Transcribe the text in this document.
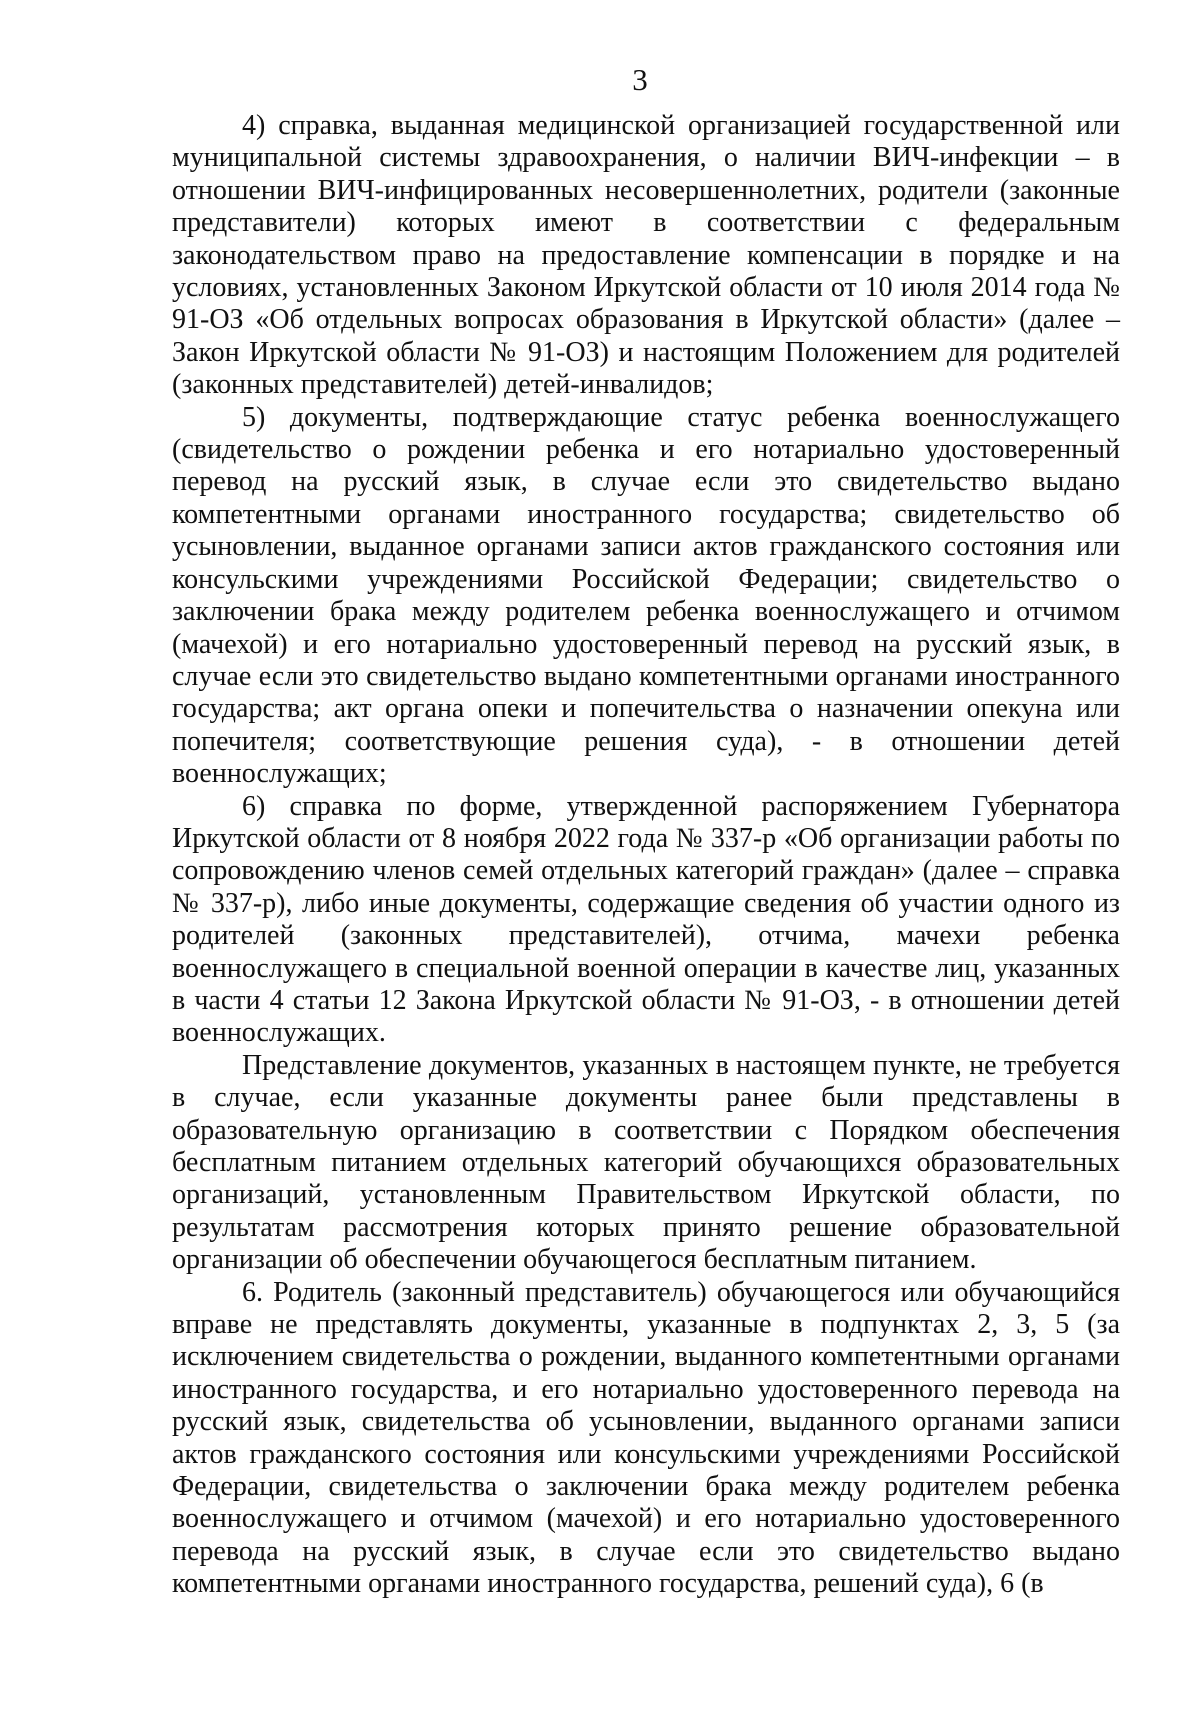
3

4) справка, выданная медицинской организацией государственной или муниципальной системы здравоохранения, о наличии ВИЧ-инфекции – в отношении ВИЧ-инфицированных несовершеннолетних, родители (законные представители) которых имеют в соответствии с федеральным законодательством право на предоставление компенсации в порядке и на условиях, установленных Законом Иркутской области от 10 июля 2014 года № 91-ОЗ «Об отдельных вопросах образования в Иркутской области» (далее – Закон Иркутской области № 91-ОЗ) и настоящим Положением для родителей (законных представителей) детей-инвалидов;

5) документы, подтверждающие статус ребенка военнослужащего (свидетельство о рождении ребенка и его нотариально удостоверенный перевод на русский язык, в случае если это свидетельство выдано компетентными органами иностранного государства; свидетельство об усыновлении, выданное органами записи актов гражданского состояния или консульскими учреждениями Российской Федерации; свидетельство о заключении брака между родителем ребенка военнослужащего и отчимом (мачехой) и его нотариально удостоверенный перевод на русский язык, в случае если это свидетельство выдано компетентными органами иностранного государства; акт органа опеки и попечительства о назначении опекуна или попечителя; соответствующие решения суда), - в отношении детей военнослужащих;

6) справка по форме, утвержденной распоряжением Губернатора Иркутской области от 8 ноября 2022 года № 337-р «Об организации работы по сопровождению членов семей отдельных категорий граждан» (далее – справка № 337-р), либо иные документы, содержащие сведения об участии одного из родителей (законных представителей), отчима, мачехи ребенка военнослужащего в специальной военной операции в качестве лиц, указанных в части 4 статьи 12 Закона Иркутской области № 91-ОЗ, - в отношении детей военнослужащих.

Представление документов, указанных в настоящем пункте, не требуется в случае, если указанные документы ранее были представлены в образовательную организацию в соответствии с Порядком обеспечения бесплатным питанием отдельных категорий обучающихся образовательных организаций, установленным Правительством Иркутской области, по результатам рассмотрения которых принято решение образовательной организации об обеспечении обучающегося бесплатным питанием.

6. Родитель (законный представитель) обучающегося или обучающийся вправе не представлять документы, указанные в подпунктах 2, 3, 5 (за исключением свидетельства о рождении, выданного компетентными органами иностранного государства, и его нотариально удостоверенного перевода на русский язык, свидетельства об усыновлении, выданного органами записи актов гражданского состояния или консульскими учреждениями Российской Федерации, свидетельства о заключении брака между родителем ребенка военнослужащего и отчимом (мачехой) и его нотариально удостоверенного перевода на русский язык, в случае если это свидетельство выдано компетентными органами иностранного государства, решений суда), 6 (в
